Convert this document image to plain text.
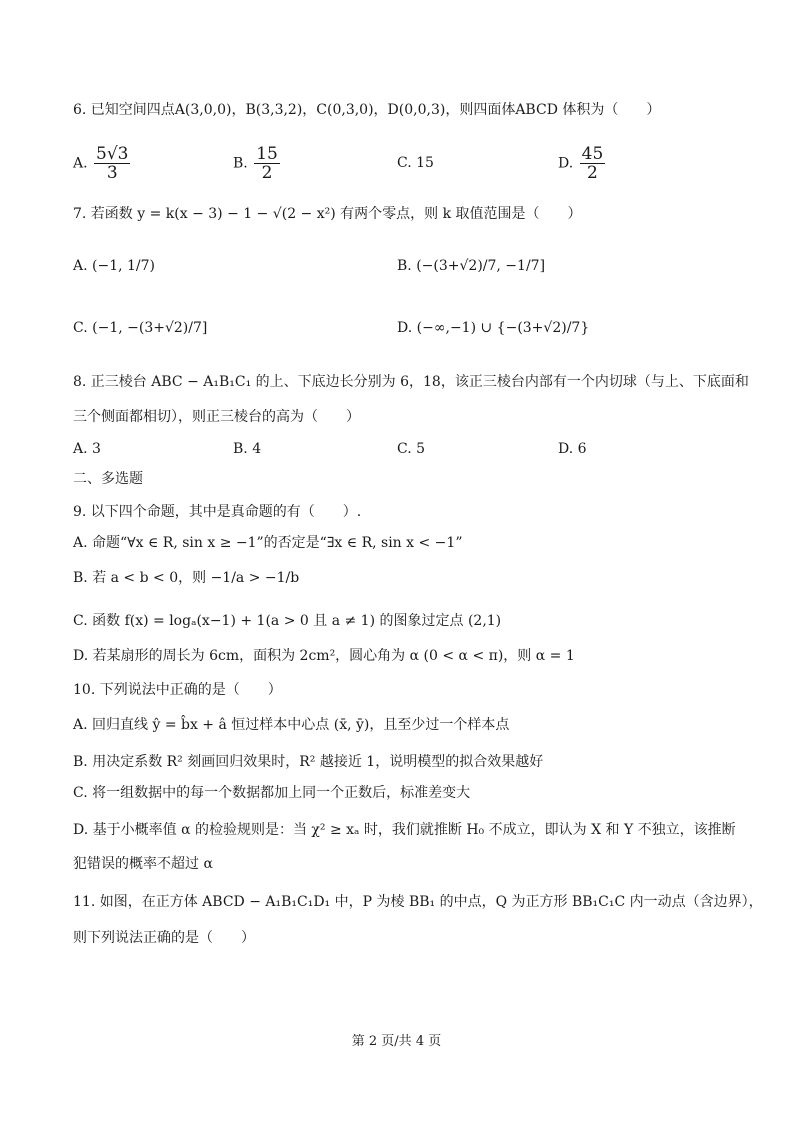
6. 已知空间四点A(3,0,0)，B(3,3,2)，C(0,3,0)，D(0,0,3)，则四面体ABCD 体积为（　　）
A. $\frac{5√3}{3}$	B. $\frac{15}{2}$	C. 15	D. $\frac{45}{2}$
7. 若函数 y = k(x − 3) − 1 − √(2 − x²) 有两个零点，则 k 取值范围是（　　）
A. (−1, 1/7)	B. (−(3+√2)/7, −1/7]
C. (−1, −(3+√2)/7]	D. (−∞,−1) ∪ {−(3+√2)/7}
8. 正三棱台 ABC − A₁B₁C₁ 的上、下底边长分别为 6，18，该正三棱台内部有一个内切球（与上、下底面和
三个侧面都相切），则正三棱台的高为（　　）
A. 3	B. 4	C. 5	D. 6
二、多选题
9. 以下四个命题，其中是真命题的有（　　）.
A. 命题“∀x ∈ R, sin x ≥ −1”的否定是“∃x ∈ R, sin x < −1”
B. 若 a < b < 0，则 −1/a > −1/b
C. 函数 f(x) = logₐ(x−1) + 1(a > 0 且 a ≠ 1) 的图象过定点 (2,1)
D. 若某扇形的周长为 6cm，面积为 2cm²，圆心角为 α (0 < α < π)，则 α = 1
10. 下列说法中正确的是（　　）
A. 回归直线 ŷ = b̂x + â 恒过样本中心点 (x̄, ȳ)，且至少过一个样本点
B. 用决定系数 R² 刻画回归效果时，R² 越接近 1，说明模型的拟合效果越好
C. 将一组数据中的每一个数据都加上同一个正数后，标准差变大
D. 基于小概率值 α 的检验规则是：当 χ² ≥ xₐ 时，我们就推断 H₀ 不成立，即认为 X 和 Y 不独立，该推断
犯错误的概率不超过 α
11. 如图，在正方体 ABCD − A₁B₁C₁D₁ 中，P 为棱 BB₁ 的中点，Q 为正方形 BB₁C₁C 内一动点（含边界），
则下列说法正确的是（　　）
第 2 页/共 4 页
